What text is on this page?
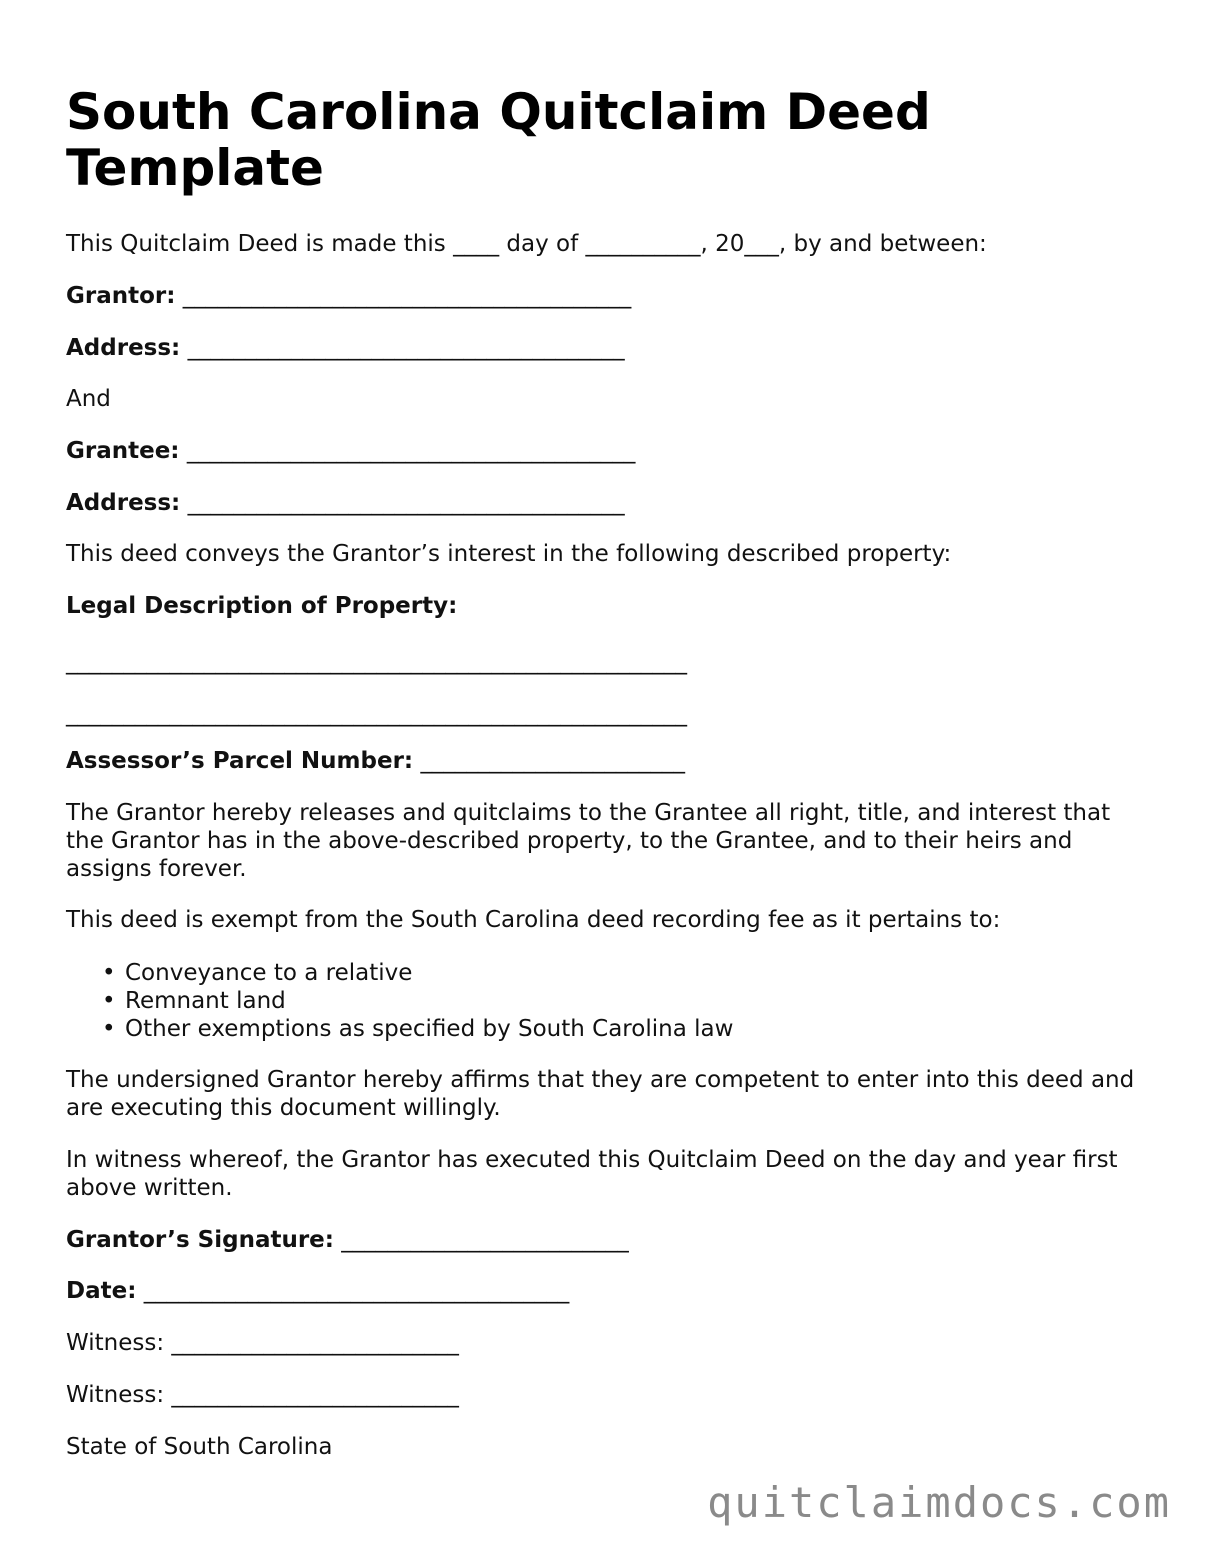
South Carolina Quitclaim Deed Template

This Quitclaim Deed is made this ____ day of __________, 20___, by and between:

Grantor: _______________________________________

Address: ______________________________________

And

Grantee: _______________________________________

Address: ______________________________________

This deed conveys the Grantor’s interest in the following described property:

Legal Description of Property:

______________________________________________________

______________________________________________________

Assessor’s Parcel Number: _______________________

The Grantor hereby releases and quitclaims to the Grantee all right, title, and interest that the Grantor has in the above-described property, to the Grantee, and to their heirs and assigns forever.

This deed is exempt from the South Carolina deed recording fee as it pertains to:

• Conveyance to a relative
• Remnant land
• Other exemptions as specified by South Carolina law

The undersigned Grantor hereby affirms that they are competent to enter into this deed and are executing this document willingly.

In witness whereof, the Grantor has executed this Quitclaim Deed on the day and year first above written.

Grantor’s Signature: _________________________

Date: _____________________________________

Witness: _________________________

Witness: _________________________

State of South Carolina

quitclaimdocs.com
